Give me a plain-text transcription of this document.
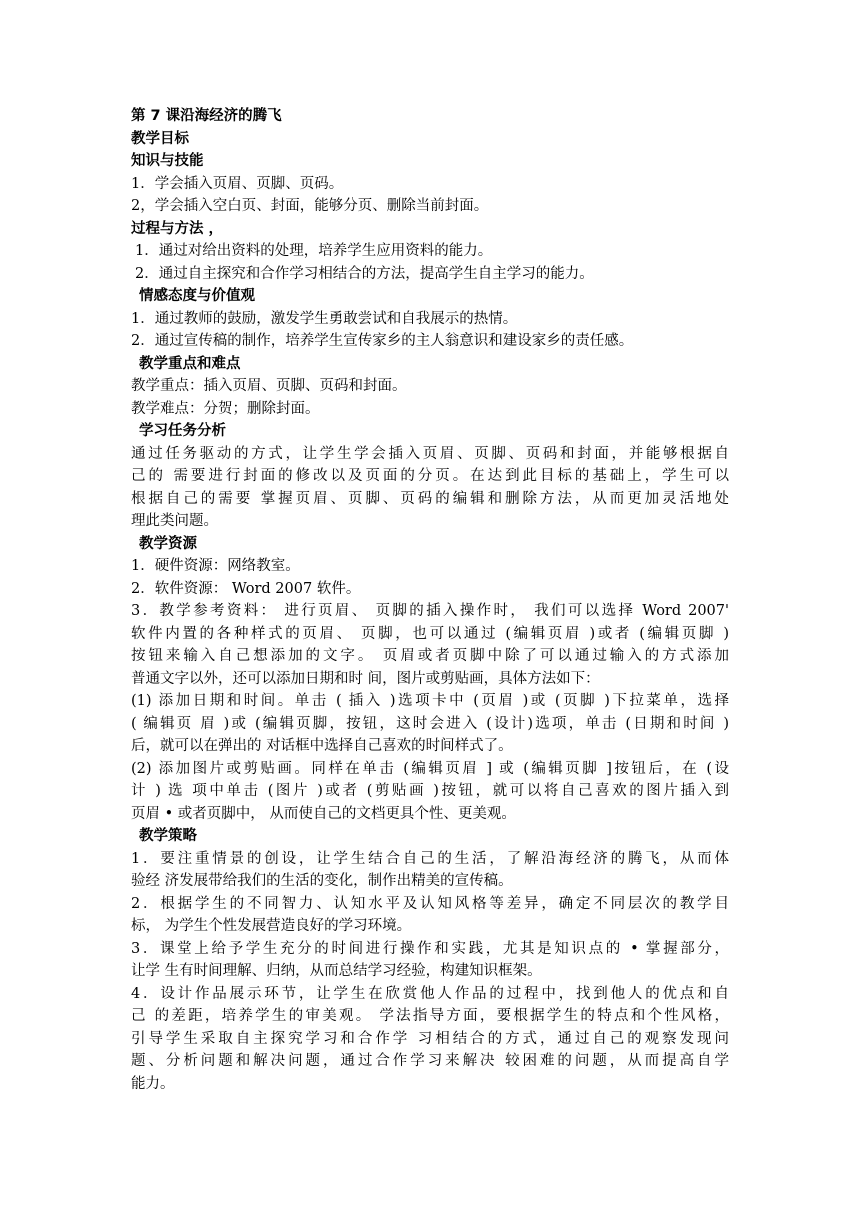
第 7 课沿海经济的腾飞
教学目标
知识与技能
1．学会插入页眉、页脚、页码。
2，学会插入空白页、封面，能够分页、删除当前封面。
过程与方法 ，
1．通过对给出资料的处理，培养学生应用资料的能力。
2．通过自主探究和合作学习相结合的方法，提高学生自主学习的能力。
情感态度与价值观
1．通过教师的鼓励，激发学生勇敢尝试和自我展示的热情。
2．通过宣传稿的制作，培养学生宣传家乡的主人翁意识和建设家乡的责任感。
教学重点和难点
教学重点：插入页眉、页脚、页码和封面。
教学难点：分贺；删除封面。
学习任务分析
通过任务驱动的方式，让学生学会插入页眉、页脚、页码和封面，并能够根据自
己的 需要进行封面的修改以及页面的分页。在达到此目标的基础上，学生可以
根据自己的需要 掌握页眉、页脚、页码的编辑和删除方法，从而更加灵活地处
理此类问题。
教学资源
1．硬件资源：网络教室。
2．软件资源： Word 2007 软件。
3．教学参考资料： 进行页眉、 页脚的插入操作时， 我们可以选择 Word 2007'
软件内置的各种样式的页眉、 页脚，也可以通过 (编辑页眉 )或者 (编辑页脚 )
按钮来输入自己想添加的文字。 页眉或者页脚中除了可以通过输入的方式添加
普通文字以外，还可以添加日期和时 间，图片或剪贴画，具体方法如下：
(1) 添加日期和时间。单击 ( 插入 )选项卡中 (页眉 )或 (页脚 )下拉菜单，选择
( 编辑页 眉 )或 (编辑页脚，按钮，这时会进入 (设计)选项，单击 (日期和时间 )
后，就可以在弹出的 对话框中选择自己喜欢的时间样式了。
(2) 添加图片或剪贴画。同样在单击 (编辑页眉 ] 或 (编辑页脚 ]按钮后，在 (设
计 ) 选 项中单击 (图片 )或者 (剪贴画 )按钮，就可以将自己喜欢的图片插入到
页眉 • 或者页脚中， 从而使自己的文档更具个性、更美观。
教学策略
1．要注重情景的创设，让学生结合自己的生活，了解沿海经济的腾飞，从而体
验经 济发展带给我们的生活的变化，制作出精美的宣传稿。
2．根据学生的不同智力、认知水平及认知风格等差异，确定不同层次的教学目
标， 为学生个性发展营造良好的学习环境。
3．课堂上给予学生充分的时间进行操作和实践，尤其是知识点的 • 掌握部分，
让学 生有时间理解、归纳，从而总结学习经验，构建知识框架。
4．设计作品展示环节，让学生在欣赏他人作品的过程中，找到他人的优点和自
己 的差距，培养学生的审美观。 学法指导方面，要根据学生的特点和个性风格，
引导学生采取自主探究学习和合作学 习相结合的方式，通过自己的观察发现问
题、分析问题和解决问题，通过合作学习来解决 较困难的问题，从而提高自学
能力。
